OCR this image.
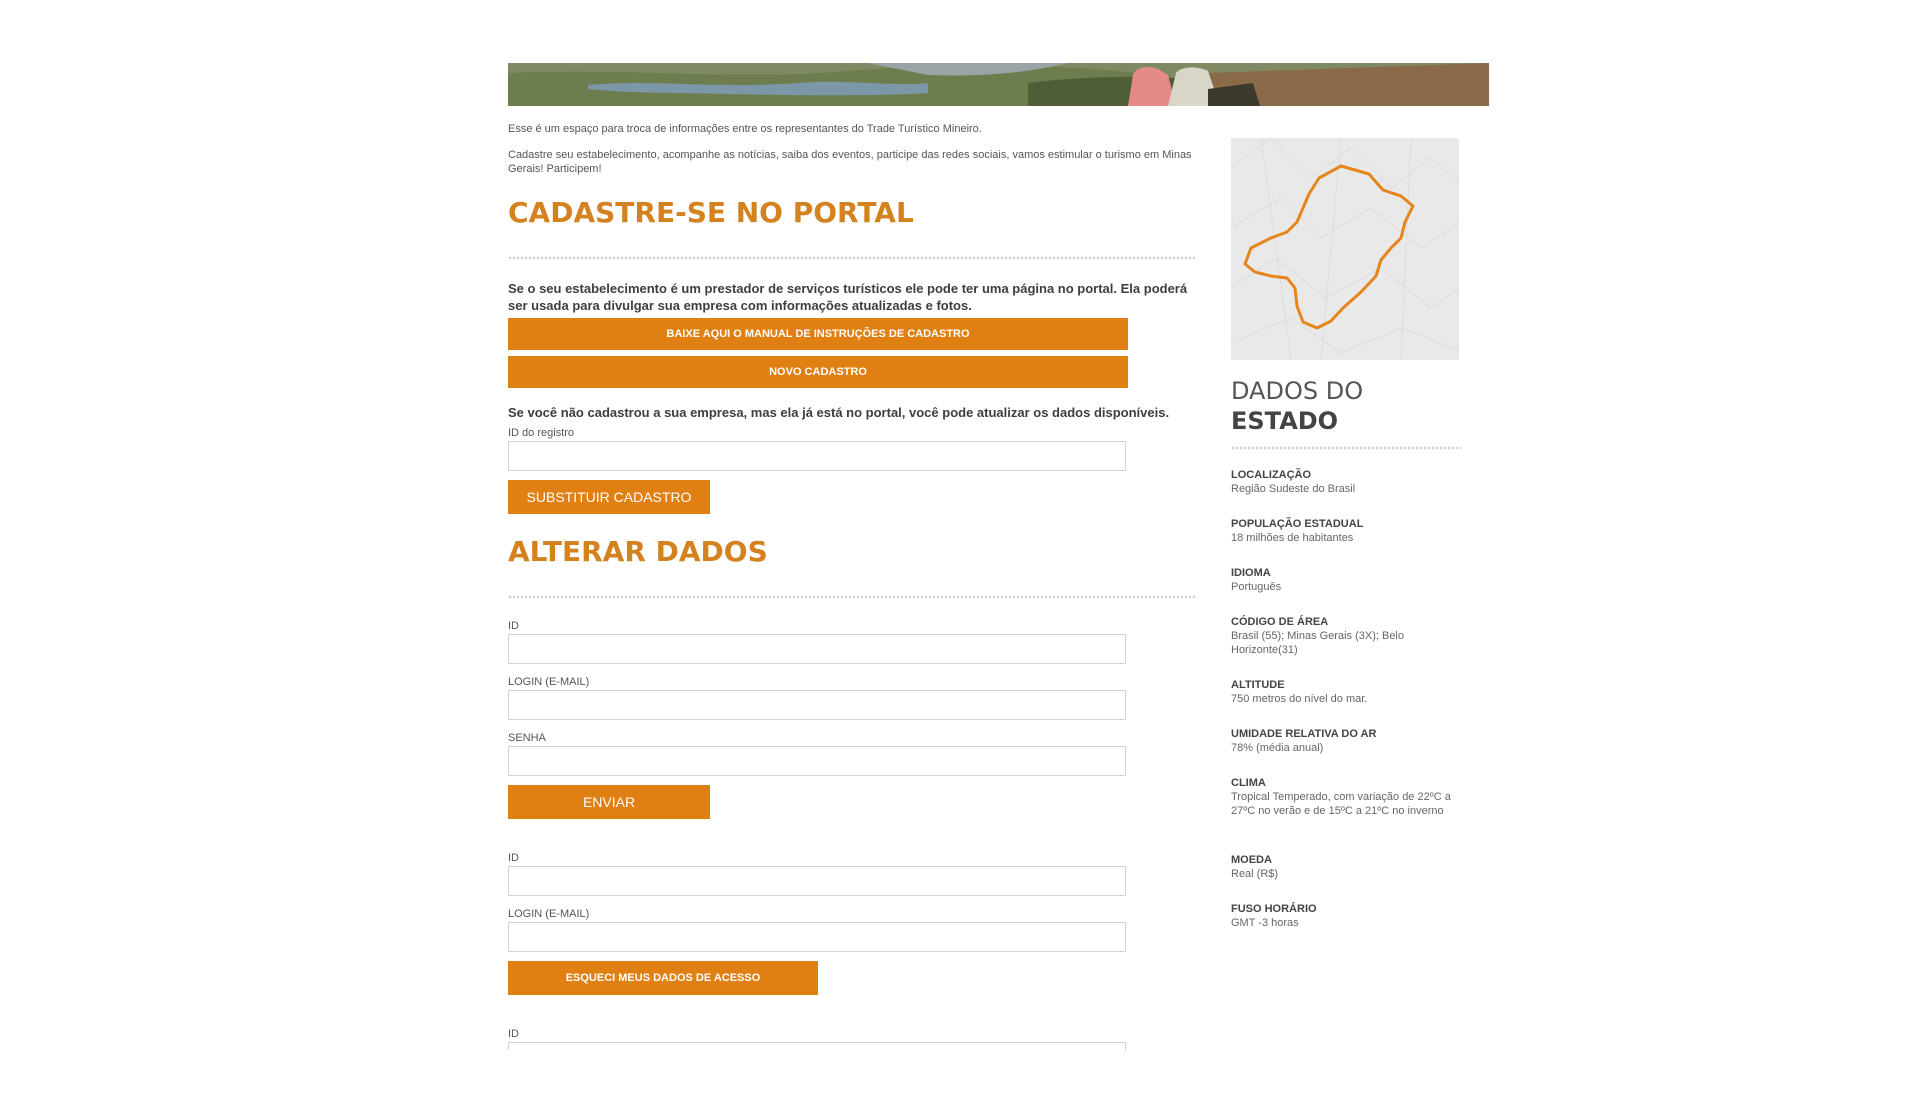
Esse é um espaço para troca de informações entre os representantes do Trade Turístico Mineiro.

Cadastre seu estabelecimento, acompanhe as notícias, saiba dos eventos, participe das redes sociais, vamos estimular o turismo em Minas Gerais! Participem!

CADASTRE-SE NO PORTAL

Se o seu estabelecimento é um prestador de serviços turísticos ele pode ter uma página no portal. Ela poderá ser usada para divulgar sua empresa com informações atualizadas e fotos.

BAIXE AQUI O MANUAL DE INSTRUÇÕES DE CADASTRO
NOVO CADASTRO

Se você não cadastrou a sua empresa, mas ela já está no portal, você pode atualizar os dados disponíveis.

ID do registro
SUBSTITUIR CADASTRO
ALTERAR DADOS
ID
LOGIN (E-MAIL)
SENHA
ENVIAR
ID
LOGIN (E-MAIL)
ESQUECI MEUS DADOS DE ACESSO
ID
DADOS DO
ESTADO
LOCALIZAÇÃO
Região Sudeste do Brasil
POPULAÇÃO ESTADUAL
18 milhões de habitantes
IDIOMA
Português
CÓDIGO DE ÁREA
Brasil (55); Minas Gerais (3X); Belo Horizonte(31)
ALTITUDE
750 metros do nível do mar.
UMIDADE RELATIVA DO AR
78% (média anual)
CLIMA
Tropical Temperado, com variação de 22ºC a 27ºC no verão e de 15ºC a 21ºC no inverno
MOEDA
Real (R$)
FUSO HORÁRIO
GMT -3 horas
